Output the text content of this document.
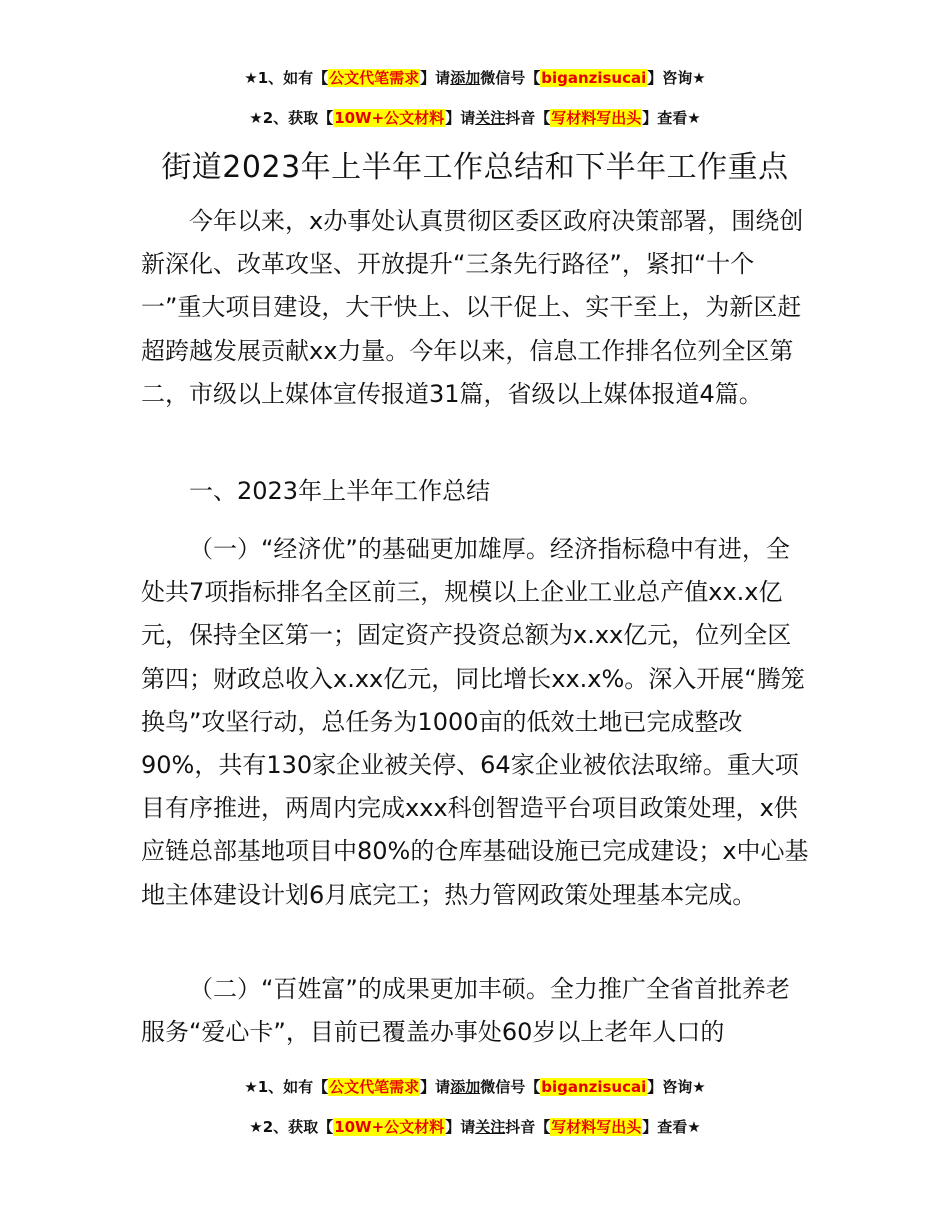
★1、如有【公文代笔需求】请添加微信号【biganzisucai】咨询★
★2、获取【10W+公文材料】请关注抖音【写材料写出头】查看★
街道2023年上半年工作总结和下半年工作重点

今年以来，x办事处认真贯彻区委区政府决策部署，围绕创新深化、改革攻坚、开放提升“三条先行路径”，紧扣“十个一”重大项目建设，大干快上、以干促上、实干至上，为新区赶超跨越发展贡献xx力量。今年以来，信息工作排名位列全区第二，市级以上媒体宣传报道31篇，省级以上媒体报道4篇。

一、2023年上半年工作总结

（一）“经济优”的基础更加雄厚。经济指标稳中有进，全处共7项指标排名全区前三，规模以上企业工业总产值xx.x亿元，保持全区第一；固定资产投资总额为x.xx亿元，位列全区第四；财政总收入x.xx亿元，同比增长xx.x%。深入开展“腾笼换鸟”攻坚行动，总任务为1000亩的低效土地已完成整改90%，共有130家企业被关停、64家企业被依法取缔。重大项目有序推进，两周内完成xxx科创智造平台项目政策处理，x供应链总部基地项目中80%的仓库基础设施已完成建设；x中心基地主体建设计划6月底完工；热力管网政策处理基本完成。

（二）“百姓富”的成果更加丰硕。全力推广全省首批养老服务“爱心卡”，目前已覆盖办事处60岁以上老年人口的

★1、如有【公文代笔需求】请添加微信号【biganzisucai】咨询★
★2、获取【10W+公文材料】请关注抖音【写材料写出头】查看★
